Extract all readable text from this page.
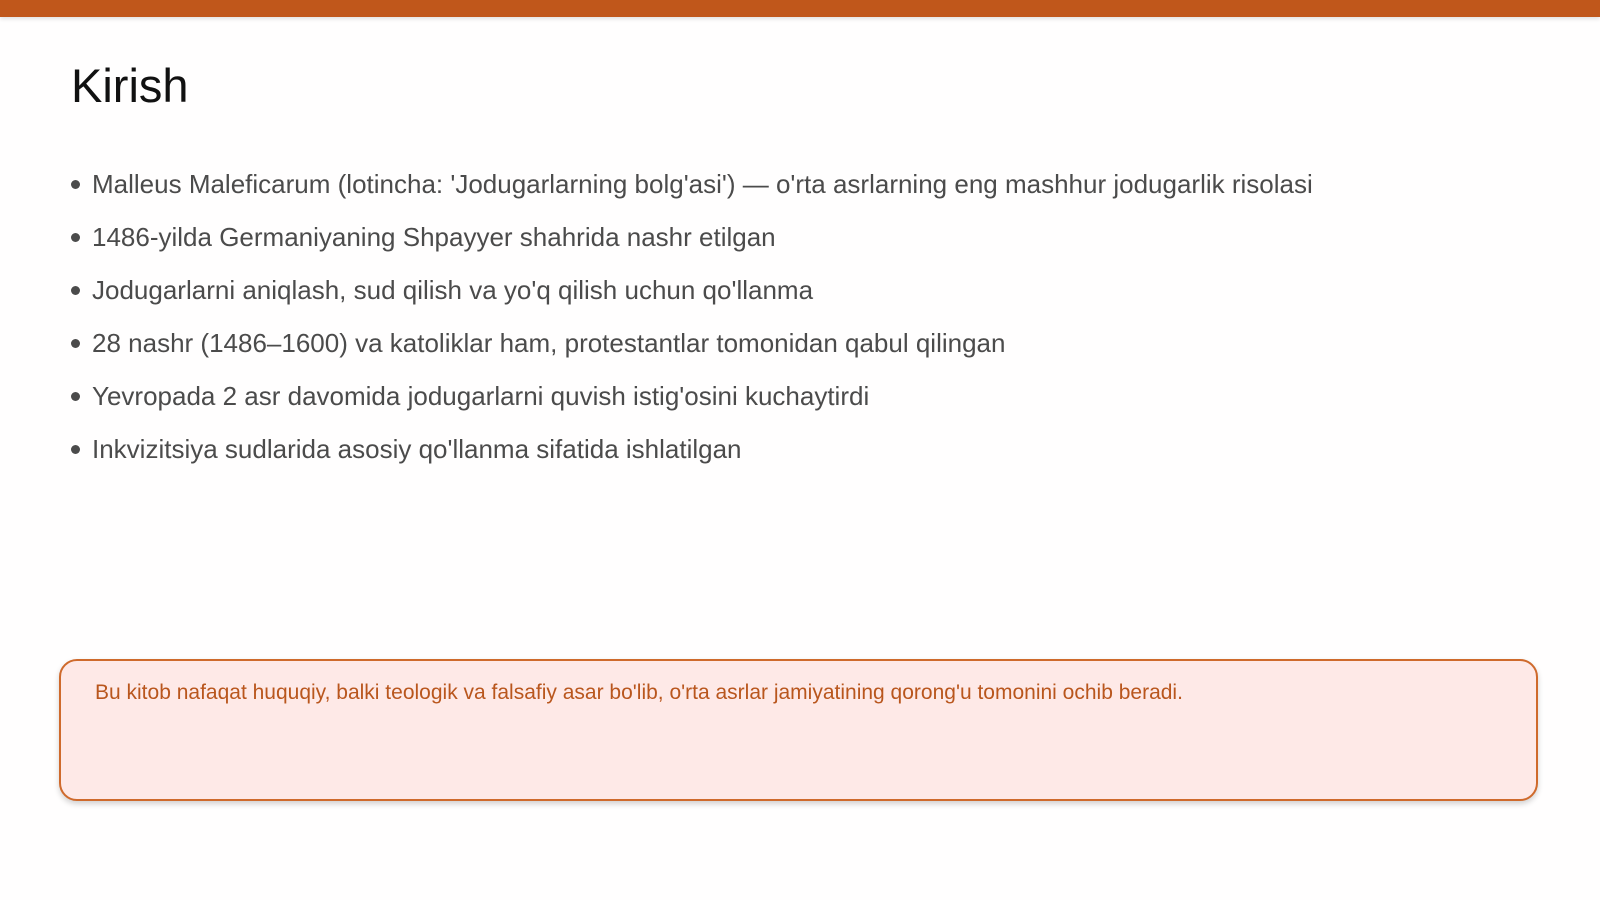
Kirish
Malleus Maleficarum (lotincha: 'Jodugarlarning bolg'asi') — o'rta asrlarning eng mashhur jodugarlik risolasi
1486-yilda Germaniyaning Shpayyer shahrida nashr etilgan
Jodugarlarni aniqlash, sud qilish va yo'q qilish uchun qo'llanma
28 nashr (1486–1600) va katoliklar ham, protestantlar tomonidan qabul qilingan
Yevropada 2 asr davomida jodugarlarni quvish istig'osini kuchaytirdi
Inkvizitsiya sudlarida asosiy qo'llanma sifatida ishlatilgan
Bu kitob nafaqat huquqiy, balki teologik va falsafiy asar bo'lib, o'rta asrlar jamiyatining qorong'u tomonini ochib beradi.
